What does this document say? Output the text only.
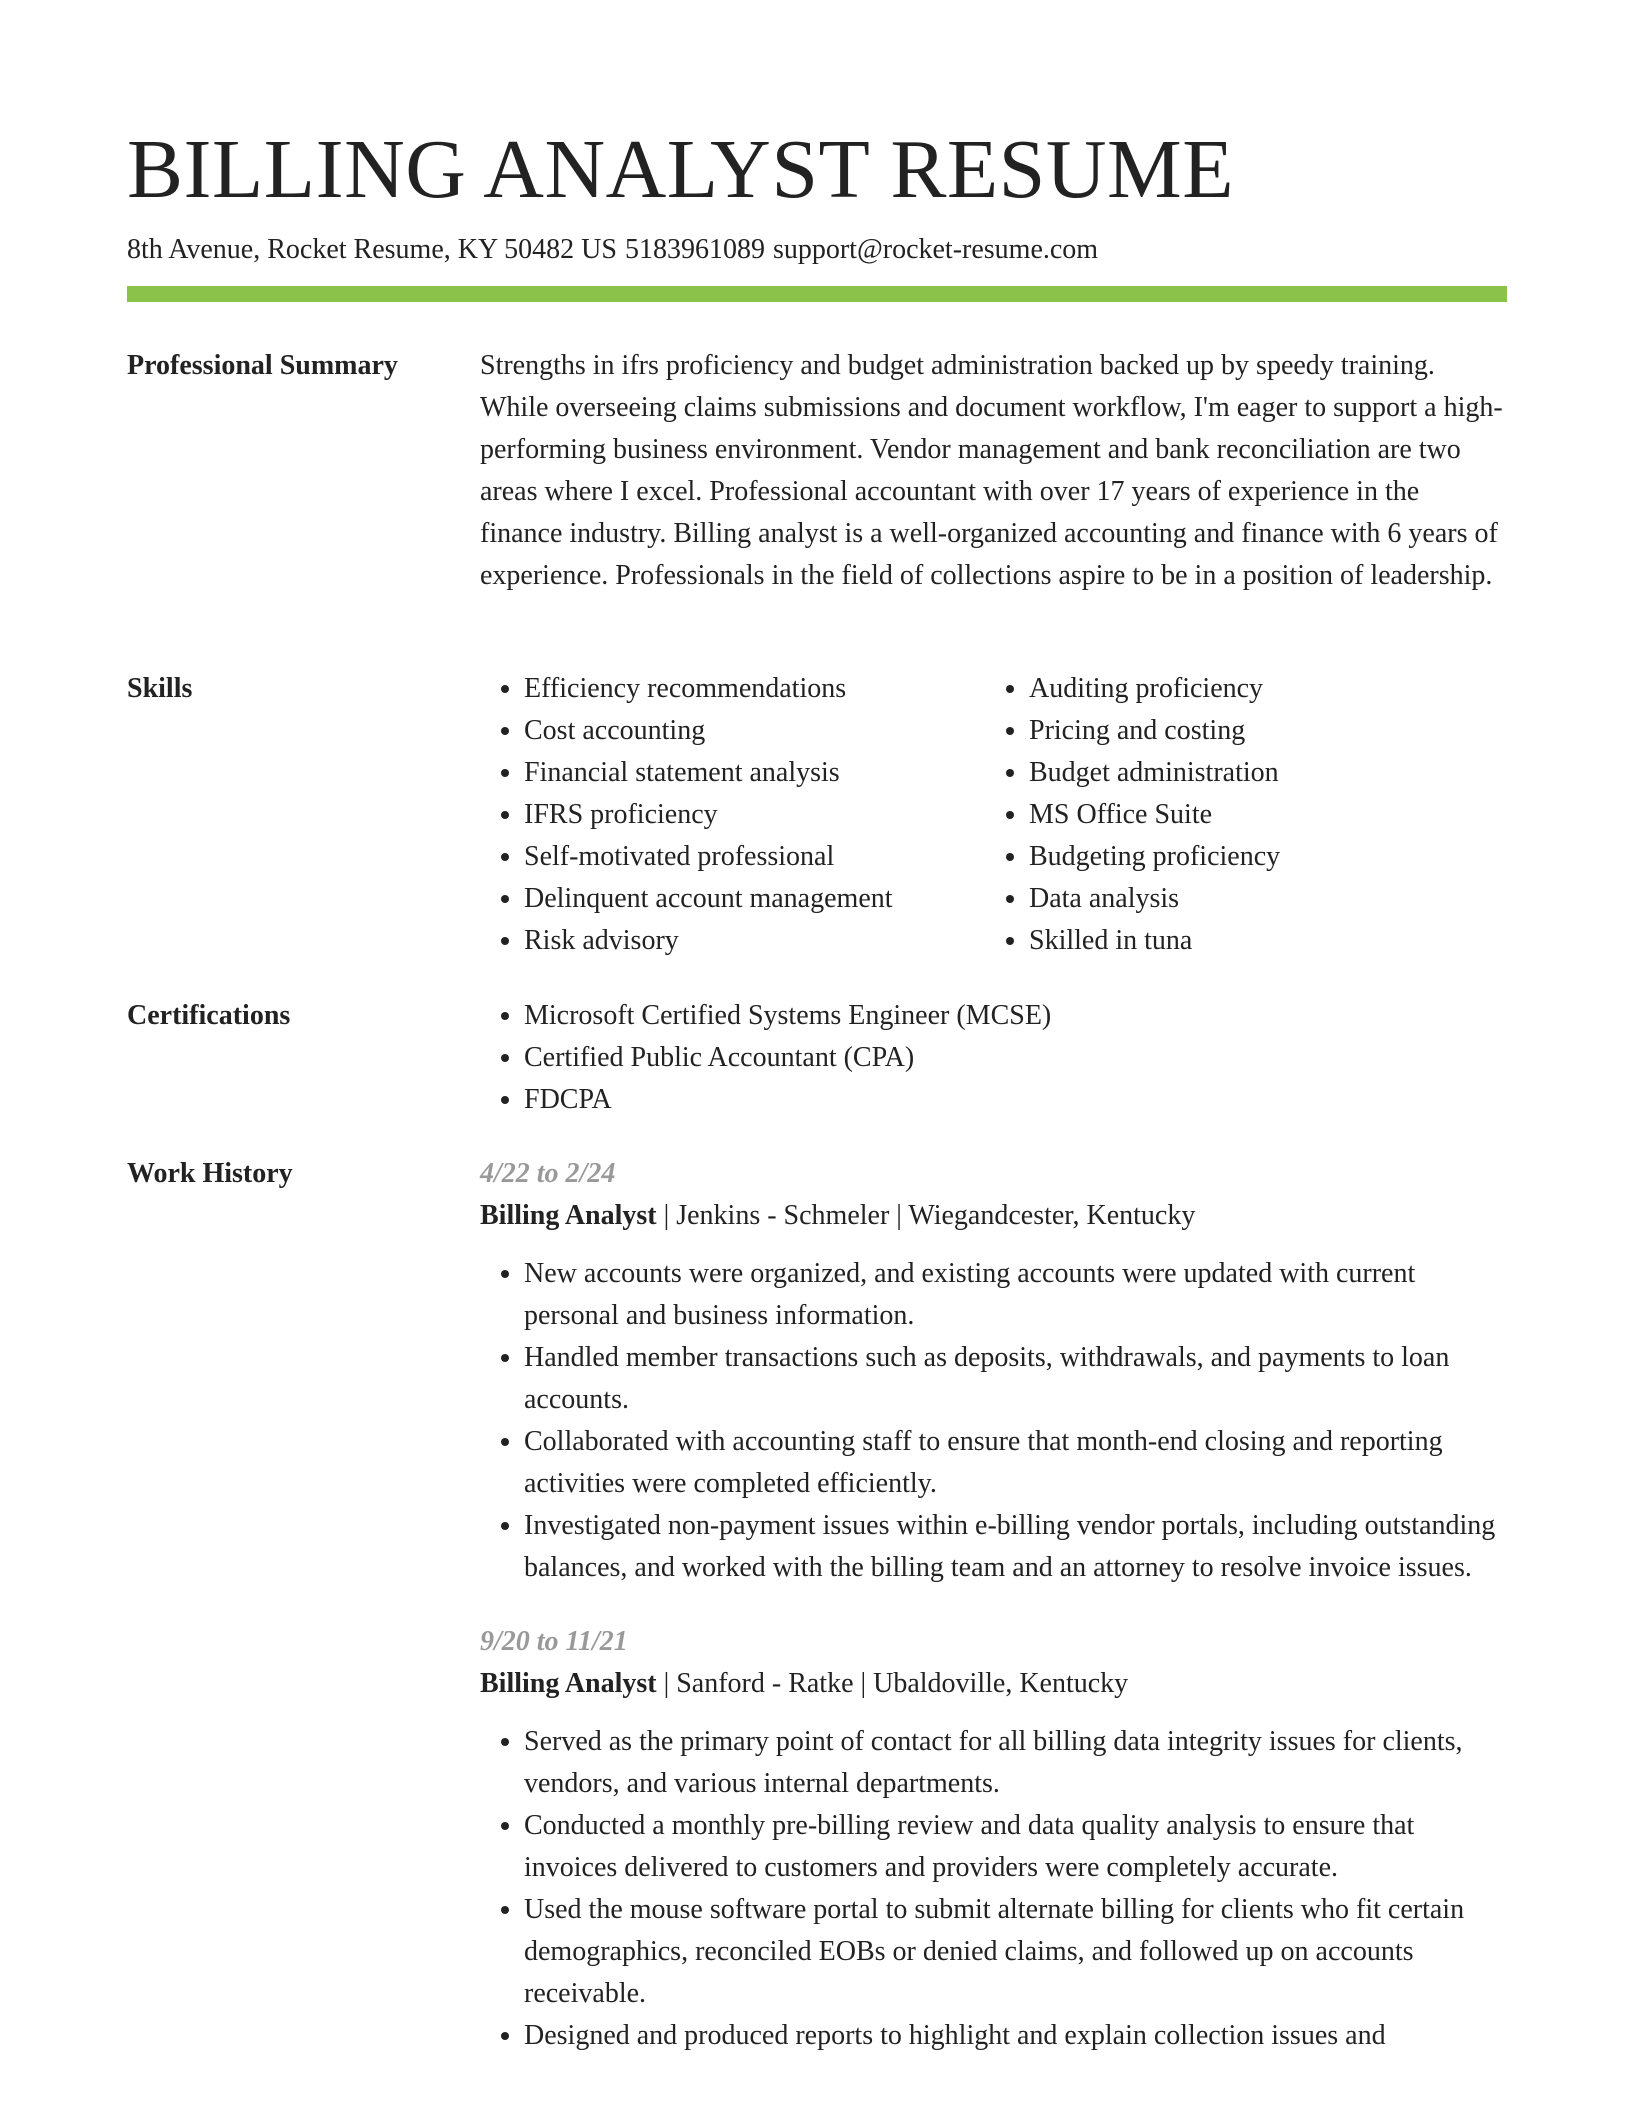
BILLING ANALYST RESUME
8th Avenue, Rocket Resume, KY 50482 US 5183961089 support@rocket-resume.com
Professional Summary	Strengths in ifrs proficiency and budget administration backed up by speedy training. While overseeing claims submissions and document workflow, I'm eager to support a high-performing business environment. Vendor management and bank reconciliation are two areas where I excel. Professional accountant with over 17 years of experience in the finance industry. Billing analyst is a well-organized accounting and finance with 6 years of experience. Professionals in the field of collections aspire to be in a position of leadership.

Skills	• Efficiency recommendations
• Cost accounting
• Financial statement analysis
• IFRS proficiency
• Self-motivated professional
• Delinquent account management
• Risk advisory
• Auditing proficiency
• Pricing and costing
• Budget administration
• MS Office Suite
• Budgeting proficiency
• Data analysis
• Skilled in tuna
Certifications	• Microsoft Certified Systems Engineer (MCSE)
• Certified Public Accountant (CPA)
• FDCPA
Work History	4/22 to 2/24
Billing Analyst | Jenkins - Schmeler | Wiegandcester, Kentucky
• New accounts were organized, and existing accounts were updated with current personal and business information.
• Handled member transactions such as deposits, withdrawals, and payments to loan accounts.
• Collaborated with accounting staff to ensure that month-end closing and reporting activities were completed efficiently.
• Investigated non-payment issues within e-billing vendor portals, including outstanding balances, and worked with the billing team and an attorney to resolve invoice issues.
9/20 to 11/21
Billing Analyst | Sanford - Ratke | Ubaldoville, Kentucky
• Served as the primary point of contact for all billing data integrity issues for clients, vendors, and various internal departments.
• Conducted a monthly pre-billing review and data quality analysis to ensure that invoices delivered to customers and providers were completely accurate.
• Used the mouse software portal to submit alternate billing for clients who fit certain demographics, reconciled EOBs or denied claims, and followed up on accounts receivable.
• Designed and produced reports to highlight and explain collection issues and
